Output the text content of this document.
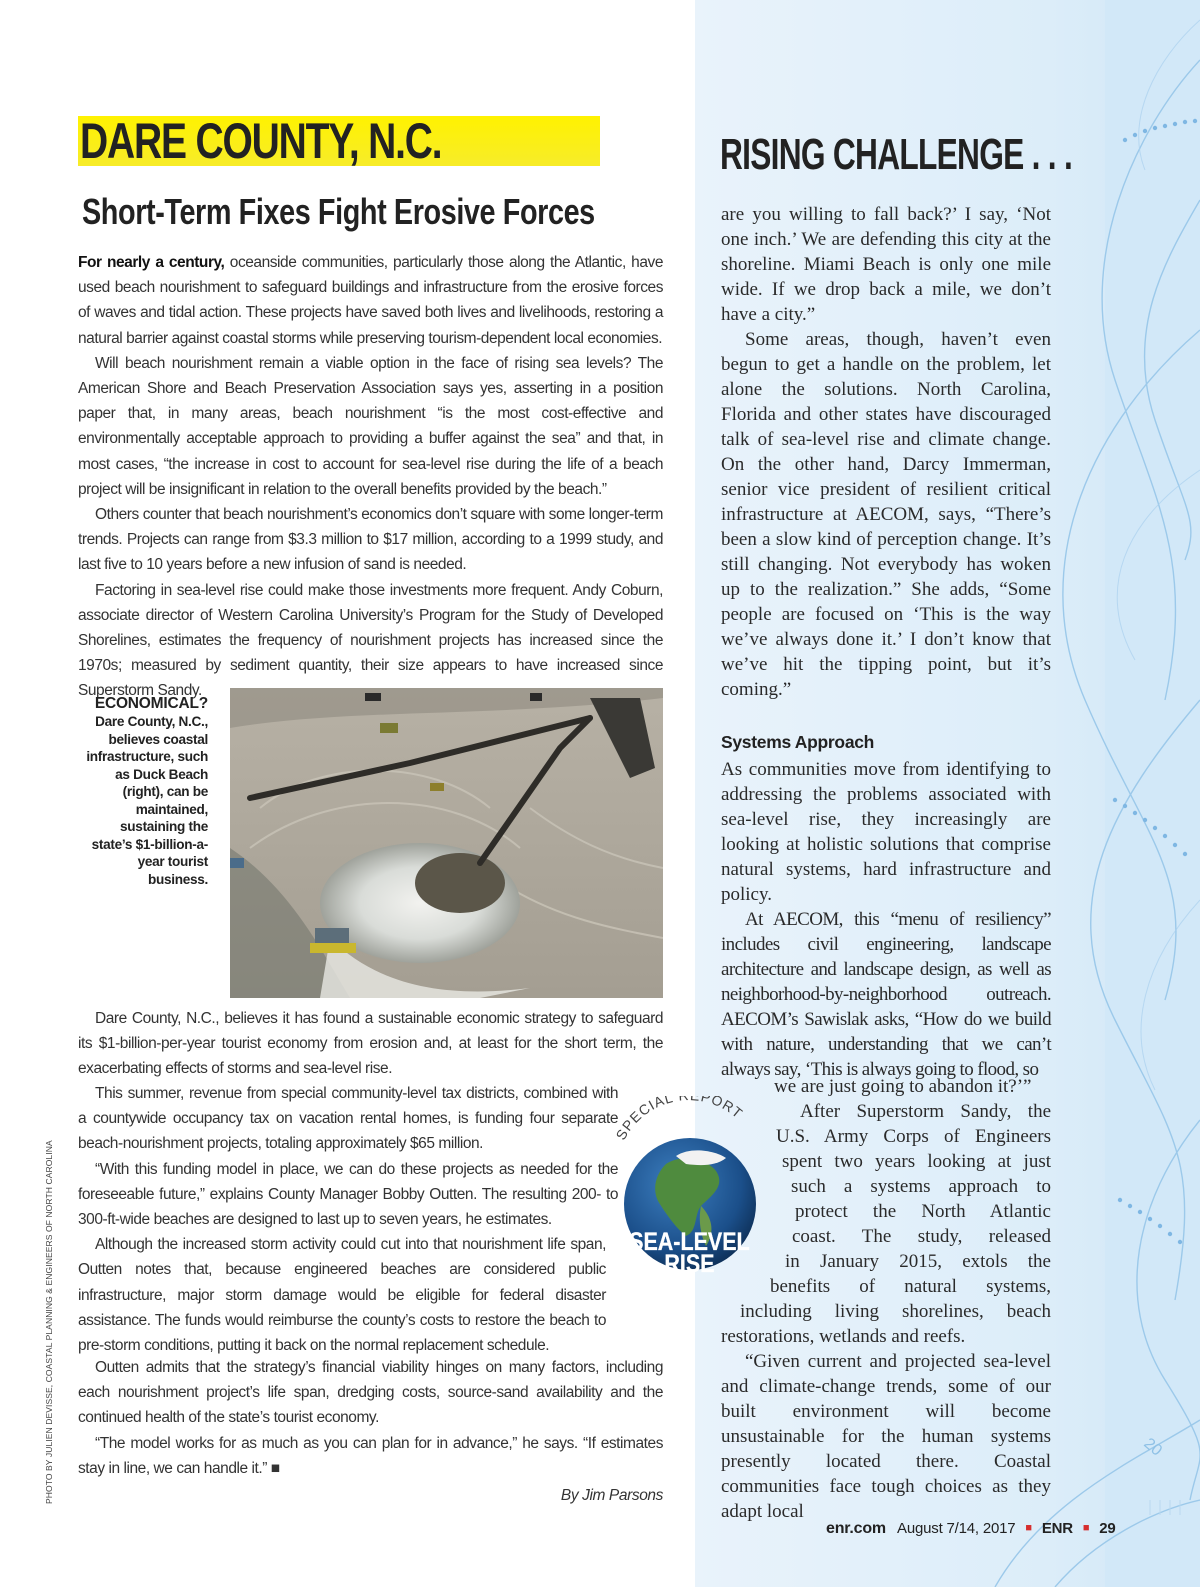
20
DARE COUNTY, N.C.
Short-Term Fixes Fight Erosive Forces

For nearly a century, oceanside communities, particularly those along the Atlantic, have used beach nourishment to safeguard buildings and infrastructure from the erosive forces of waves and tidal action. These projects have saved both lives and livelihoods, restoring a natural barrier against coastal storms while preserving tourism-dependent local economies.

Will beach nourishment remain a viable option in the face of rising sea levels? The American Shore and Beach Preservation Association says yes, asserting in a position paper that, in many areas, beach nourishment “is the most cost-effective and environmentally acceptable approach to providing a buffer against the sea” and that, in most cases, “the increase in cost to account for sea-level rise during the life of a beach project will be insignificant in relation to the overall benefits provided by the beach.”

Others counter that beach nourishment’s economics don’t square with some longer-term trends. Projects can range from $3.3 million to $17 million, according to a 1999 study, and last five to 10 years before a new infusion of sand is needed.

Factoring in sea-level rise could make those investments more frequent. Andy Coburn, associate director of Western Carolina University’s Program for the Study of Developed Shorelines, estimates the frequency of nourishment projects has increased since the 1970s; measured by sediment quantity, their size appears to have increased since Superstorm Sandy.

ECONOMICAL?
Dare County, N.C., believes coastal infrastructure, such as Duck Beach (right), can be maintained, sustaining the state’s $1-billion-a-year tourist business.

Dare County, N.C., believes it has found a sustainable economic strategy to safeguard its $1-billion-per-year tourist economy from erosion and, at least for the short term, the exacerbating effects of storms and sea-level rise.

This summer, revenue from special community-level tax districts, combined with a countywide occupancy tax on vacation rental homes, is funding four separate beach-nourishment projects, totaling approximately $65 million.

“With this funding model in place, we can do these projects as needed for the foreseeable future,” explains County Manager Bobby Outten. The resulting 200- to 300-ft-wide beaches are designed to last up to seven years, he estimates.

Although the increased storm activity could cut into that nourishment life span, Outten notes that, because engineered beaches are considered public infrastructure, major storm damage would be eligible for federal disaster assistance. The funds would reimburse the county’s costs to restore the beach to pre-storm conditions, putting it back on the normal replacement schedule.

Outten admits that the strategy’s financial viability hinges on many factors, including each nourishment project’s life span, dredging costs, source-sand availability and the continued health of the state’s tourist economy.

“The model works for as much as you can plan for in advance,” he says. “If estimates stay in line, we can handle it.” ■

By Jim Parsons
PHOTO BY JULIEN DEVISSE, COASTAL PLANNING & ENGINEERS OF NORTH CAROLINA
RISING CHALLENGE . . .

are you willing to fall back?’ I say, ‘Not one inch.’ We are defending this city at the shoreline. Miami Beach is only one mile wide. If we drop back a mile, we don’t have a city.”

Some areas, though, haven’t even begun to get a handle on the problem, let alone the solutions. North Carolina, Florida and other states have discouraged talk of sea-level rise and climate change. On the other hand, Darcy Immerman, senior vice president of resilient critical infrastructure at AECOM, says, “There’s been a slow kind of perception change. It’s still changing. Not everybody has woken up to the realization.” She adds, “Some people are focused on ‘This is the way we’ve always done it.’ I don’t know that we’ve hit the tipping point, but it’s coming.”

Systems Approach

As communities move from identifying to addressing the problems associated with sea-level rise, they increasingly are looking at holistic solutions that comprise natural systems, hard infrastructure and policy.

At AECOM, this “menu of resiliency” includes civil engineering, landscape architecture and landscape design, as well as neighborhood-by-neighborhood outreach. AECOM’s Sawislak asks, “How do we build with nature, understanding that we can’t always say, ‘This is always going to flood, so

we are just going to abandon it?’”
After Superstorm Sandy, the
U.S. Army Corps of Engineers
spent two years looking at just
such a systems approach to
protect the North Atlantic
coast. The study, released
in January 2015, extols the
benefits of natural systems,
including living shorelines, beach
restorations, wetlands and reefs.

“Given current and projected sea-level and climate-change trends, some of our built environment will become unsustainable for the human systems presently located there. Coastal communities face tough choices as they adapt local

SPECIAL PORT
SEA-LEVEL
RISE
enr.com August 7/14, 2017 ■ ENR ■ 29
